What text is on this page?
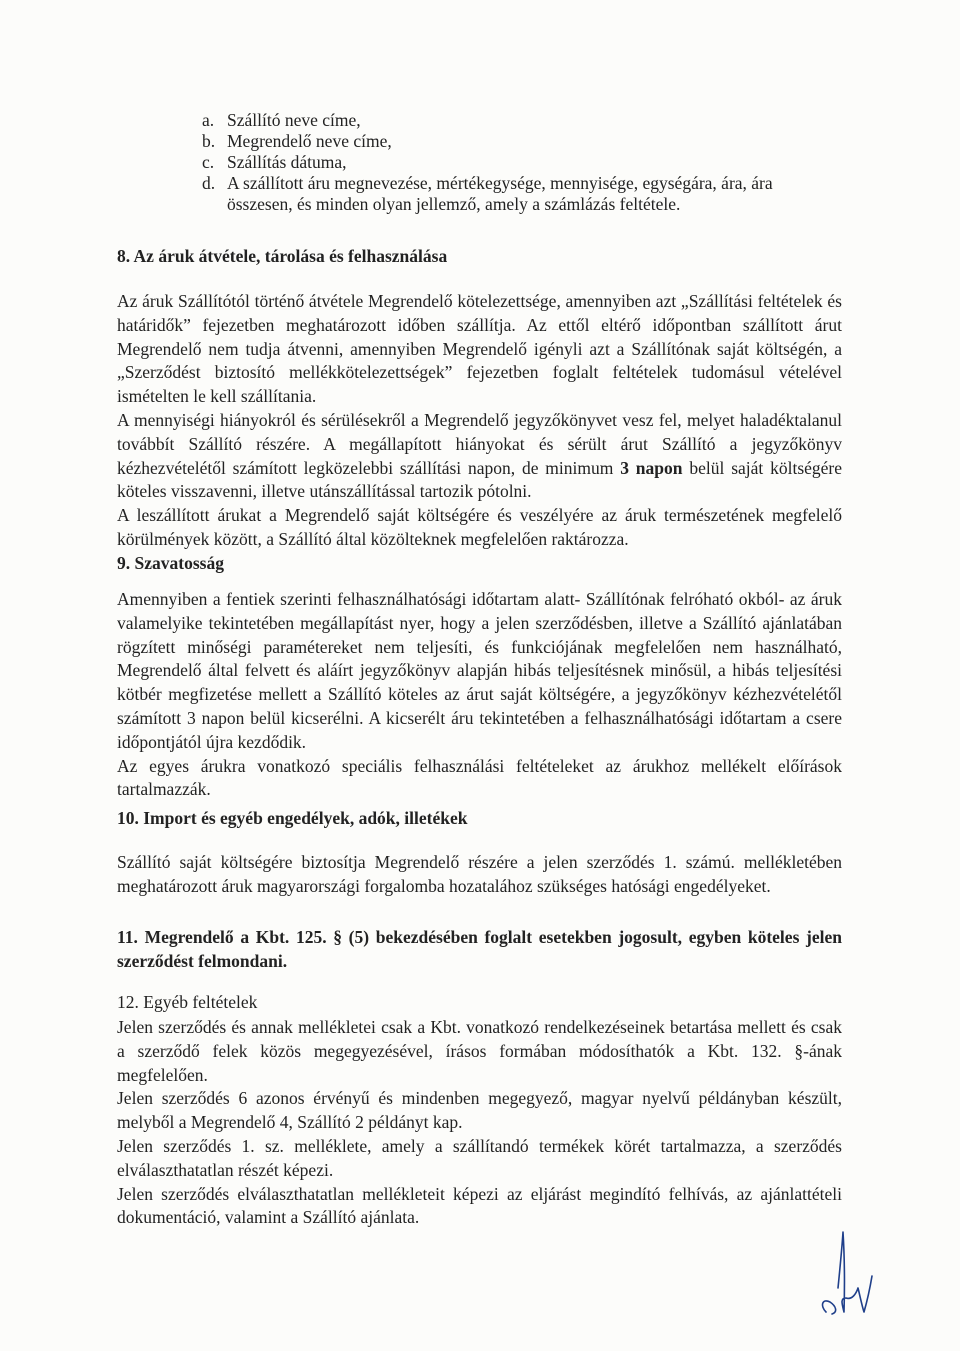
a. Szállító neve címe,
b. Megrendelő neve címe,
c. Szállítás dátuma,
d. A szállított áru megnevezése, mértékegysége, mennyisége, egységára, ára, ára összesen, és minden olyan jellemző, amely a számlázás feltétele.
8. Az áruk átvétele, tárolása és felhasználása

Az áruk Szállítótól történő átvétele Megrendelő kötelezettsége, amennyiben azt „Szállítási feltételek és határidők” fejezetben meghatározott időben szállítja. Az ettől eltérő időpontban szállított árut Megrendelő nem tudja átvenni, amennyiben Megrendelő igényli azt a Szállítónak saját költségén, a „Szerződést biztosító mellékkötelezettségek” fejezetben foglalt feltételek tudomásul vételével ismételten le kell szállítania.

A mennyiségi hiányokról és sérülésekről a Megrendelő jegyzőkönyvet vesz fel, melyet haladéktalanul továbbít Szállító részére. A megállapított hiányokat és sérült árut Szállító a jegyzőkönyv kézhezvételétől számított legközelebbi szállítási napon, de minimum 3 napon belül saját költségére köteles visszavenni, illetve utánszállítással tartozik pótolni.

A leszállított árukat a Megrendelő saját költségére és veszélyére az áruk természetének megfelelő körülmények között, a Szállító által közölteknek megfelelően raktározza.

9. Szavatosság

Amennyiben a fentiek szerinti felhasználhatósági időtartam alatt- Szállítónak felróható okból- az áruk valamelyike tekintetében megállapítást nyer, hogy a jelen szerződésben, illetve a Szállító ajánlatában rögzített minőségi paramétereket nem teljesíti, és funkciójának megfelelően nem használható, Megrendelő által felvett és aláírt jegyzőkönyv alapján hibás teljesítésnek minősül, a hibás teljesítési kötbér megfizetése mellett a Szállító köteles az árut saját költségére, a jegyzőkönyv kézhezvételétől számított 3 napon belül kicserélni. A kicserélt áru tekintetében a felhasználhatósági időtartam a csere időpontjától újra kezdődik.

Az egyes árukra vonatkozó speciális felhasználási feltételeket az árukhoz mellékelt előírások tartalmazzák.

10. Import és egyéb engedélyek, adók, illetékek

Szállító saját költségére biztosítja Megrendelő részére a jelen szerződés 1. számú. mellékletében meghatározott áruk magyarországi forgalomba hozatalához szükséges hatósági engedélyeket.

11. Megrendelő a Kbt. 125. § (5) bekezdésében foglalt esetekben jogosult, egyben köteles jelen szerződést felmondani.
12. Egyéb feltételek

Jelen szerződés és annak mellékletei csak a Kbt. vonatkozó rendelkezéseinek betartása mellett és csak a szerződő felek közös megegyezésével, írásos formában módosíthatók a Kbt. 132. §-ának megfelelően.

Jelen szerződés 6 azonos érvényű és mindenben megegyező, magyar nyelvű példányban készült, melyből a Megrendelő 4, Szállító 2 példányt kap.

Jelen szerződés 1. sz. melléklete, amely a szállítandó termékek körét tartalmazza, a szerződés elválaszthatatlan részét képezi.

Jelen szerződés elválaszthatatlan mellékleteit képezi az eljárást megindító felhívás, az ajánlattételi dokumentáció, valamint a Szállító ajánlata.
